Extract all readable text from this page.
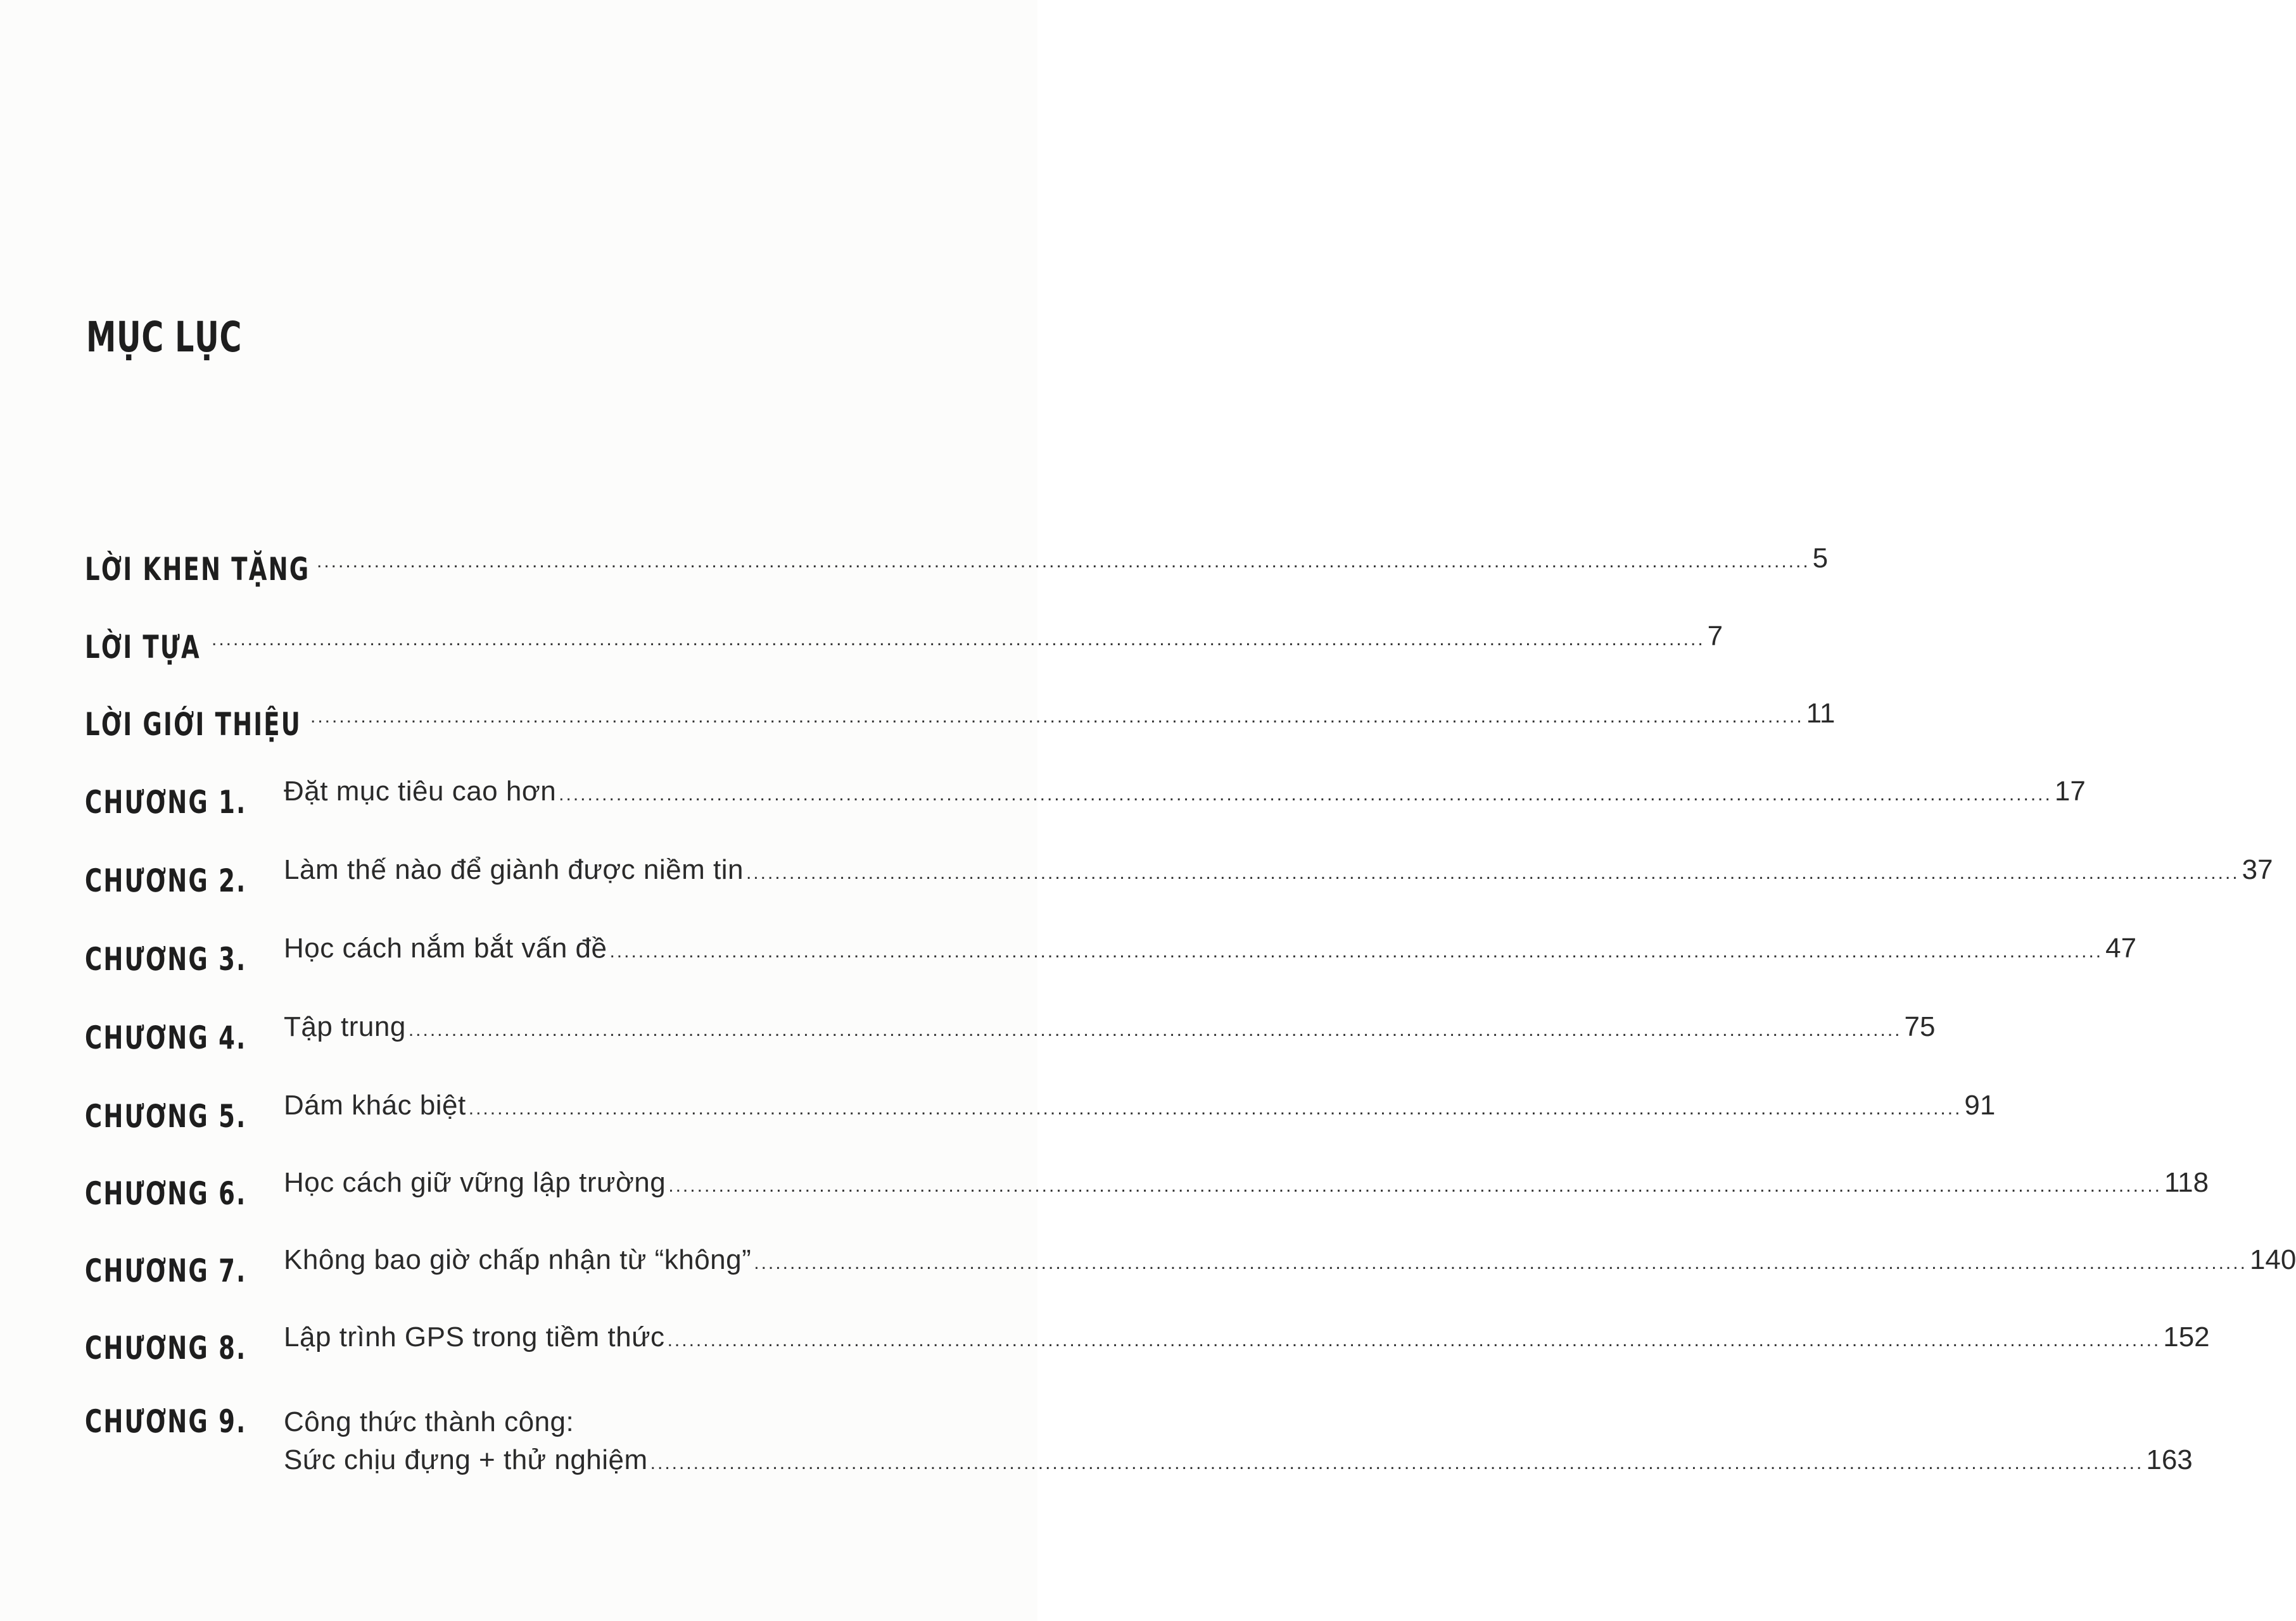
MỤC LỤC
LỜI KHEN TẶNG ................................................................................................................................................................................................................ 5
LỜI TỰA ................................................................................................................................................................................................................ 7
LỜI GIỚI THIỆU ................................................................................................................................................................................................................ 11
CHƯƠNG 1. Đặt mục tiêu cao hơn ................................................................................................................................................................................................................ 17
CHƯƠNG 2. Làm thế nào để giành được niềm tin ................................................................................................................................................................................................................ 37
CHƯƠNG 3. Học cách nắm bắt vấn đề ................................................................................................................................................................................................................ 47
CHƯƠNG 4. Tập trung ................................................................................................................................................................................................................ 75
CHƯƠNG 5. Dám khác biệt ................................................................................................................................................................................................................ 91
CHƯƠNG 6. Học cách giữ vững lập trường ................................................................................................................................................................................................................ 118
CHƯƠNG 7. Không bao giờ chấp nhận từ “không” ................................................................................................................................................................................................................ 140
CHƯƠNG 8. Lập trình GPS trong tiềm thức ................................................................................................................................................................................................................ 152
CHƯƠNG 9. Công thức thành công:
Sức chịu đựng + thử nghiệm ................................................................................................................................................................................................................ 163
